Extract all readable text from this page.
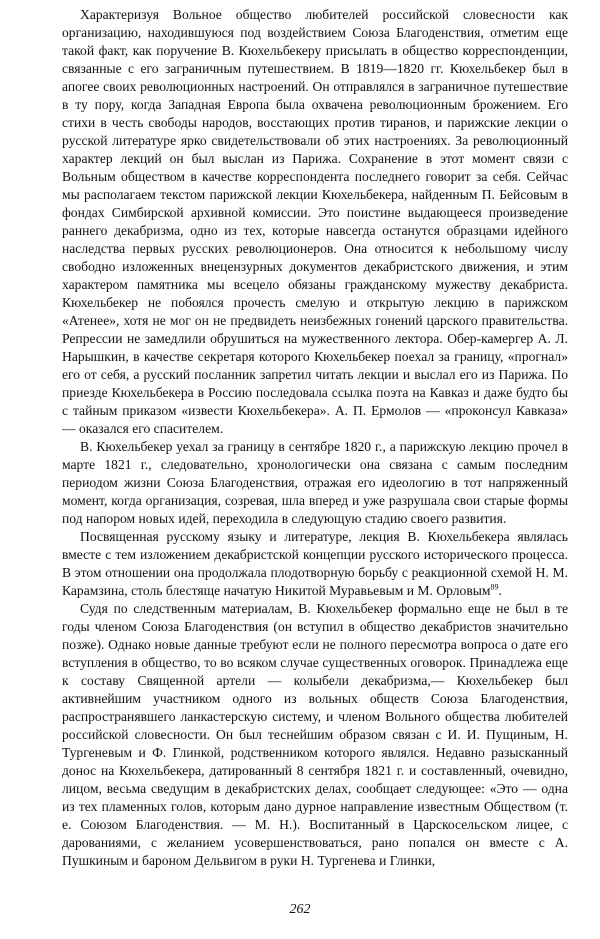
Характеризуя Вольное общество любителей российской словесности как организацию, находившуюся под воздействием Союза Благоденствия, отметим еще такой факт, как поручение В. Кюхельбекеру присылать в общество корреспонденции, связанные с его заграничным путешествием. В 1819—1820 гг. Кюхельбекер был в апогее своих революционных настроений. Он отправлялся в заграничное путешествие в ту пору, когда Западная Европа была охвачена революционным брожением. Его стихи в честь свободы народов, восстающих против тиранов, и парижские лекции о русской литературе ярко свидетельствовали об этих настроениях. За революционный характер лекций он был выслан из Парижа. Сохранение в этот момент связи с Вольным обществом в качестве корреспондента последнего говорит за себя. Сейчас мы располагаем текстом парижской лекции Кюхельбекера, найденным П. Бейсовым в фондах Симбирской архивной комиссии. Это поистине выдающееся произведение раннего декабризма, одно из тех, которые навсегда останутся образцами идейного наследства первых русских революционеров. Она относится к небольшому числу свободно изложенных внецензурных документов декабристского движения, и этим характером памятника мы всецело обязаны гражданскому мужеству декабриста. Кюхельбекер не побоялся прочесть смелую и открытую лекцию в парижском «Атенее», хотя не мог он не предвидеть неизбежных гонений царского правительства. Репрессии не замедлили обрушиться на мужественного лектора. Обер-камергер А. Л. Нарышкин, в качестве секретаря которого Кюхельбекер поехал за границу, «прогнал» его от себя, а русский посланник запретил читать лекции и выслал его из Парижа. По приезде Кюхельбекера в Россию последовала ссылка поэта на Кавказ и даже будто бы с тайным приказом «извести Кюхельбекера». А. П. Ермолов — «проконсул Кавказа» — оказался его спасителем.

В. Кюхельбекер уехал за границу в сентябре 1820 г., а парижскую лекцию прочел в марте 1821 г., следовательно, хронологически она связана с самым последним периодом жизни Союза Благоденствия, отражая его идеологию в тот напряженный момент, когда организация, созревая, шла вперед и уже разрушала свои старые формы под напором новых идей, переходила в следующую стадию своего развития.

Посвященная русскому языку и литературе, лекция В. Кюхельбекера являлась вместе с тем изложением декабристской концепции русского исторического процесса. В этом отношении она продолжала плодотворную борьбу с реакционной схемой Н. М. Карамзина, столь блестяще начатую Никитой Муравьевым и М. Орловым$^{89}$.

Судя по следственным материалам, В. Кюхельбекер формально еще не был в те годы членом Союза Благоденствия (он вступил в общество декабристов значительно позже). Однако новые данные требуют если не полного пересмотра вопроса о дате его вступления в общество, то во всяком случае существенных оговорок. Принадлежа еще к составу Священной артели — колыбели декабризма,— Кюхельбекер был активнейшим участником одного из вольных обществ Союза Благоденствия, распространявшего ланкастерскую систему, и членом Вольного общества любителей российской словесности. Он был теснейшим образом связан с И. И. Пущиным, Н. Тургеневым и Ф. Глинкой, родственником которого являлся. Недавно разысканный донос на Кюхельбекера, датированный 8 сентября 1821 г. и составленный, очевидно, лицом, весьма сведущим в декабристских делах, сообщает следующее: «Это — одна из тех пламенных голов, которым дано дурное направление известным Обществом (т. е. Союзом Благоденствия. — М. Н.). Воспитанный в Царскосельском лицее, с дарованиями, с желанием усовершенствоваться, рано попался он вместе с А. Пушкиным и бароном Дельвигом в руки Н. Тургенева и Глинки,

262
